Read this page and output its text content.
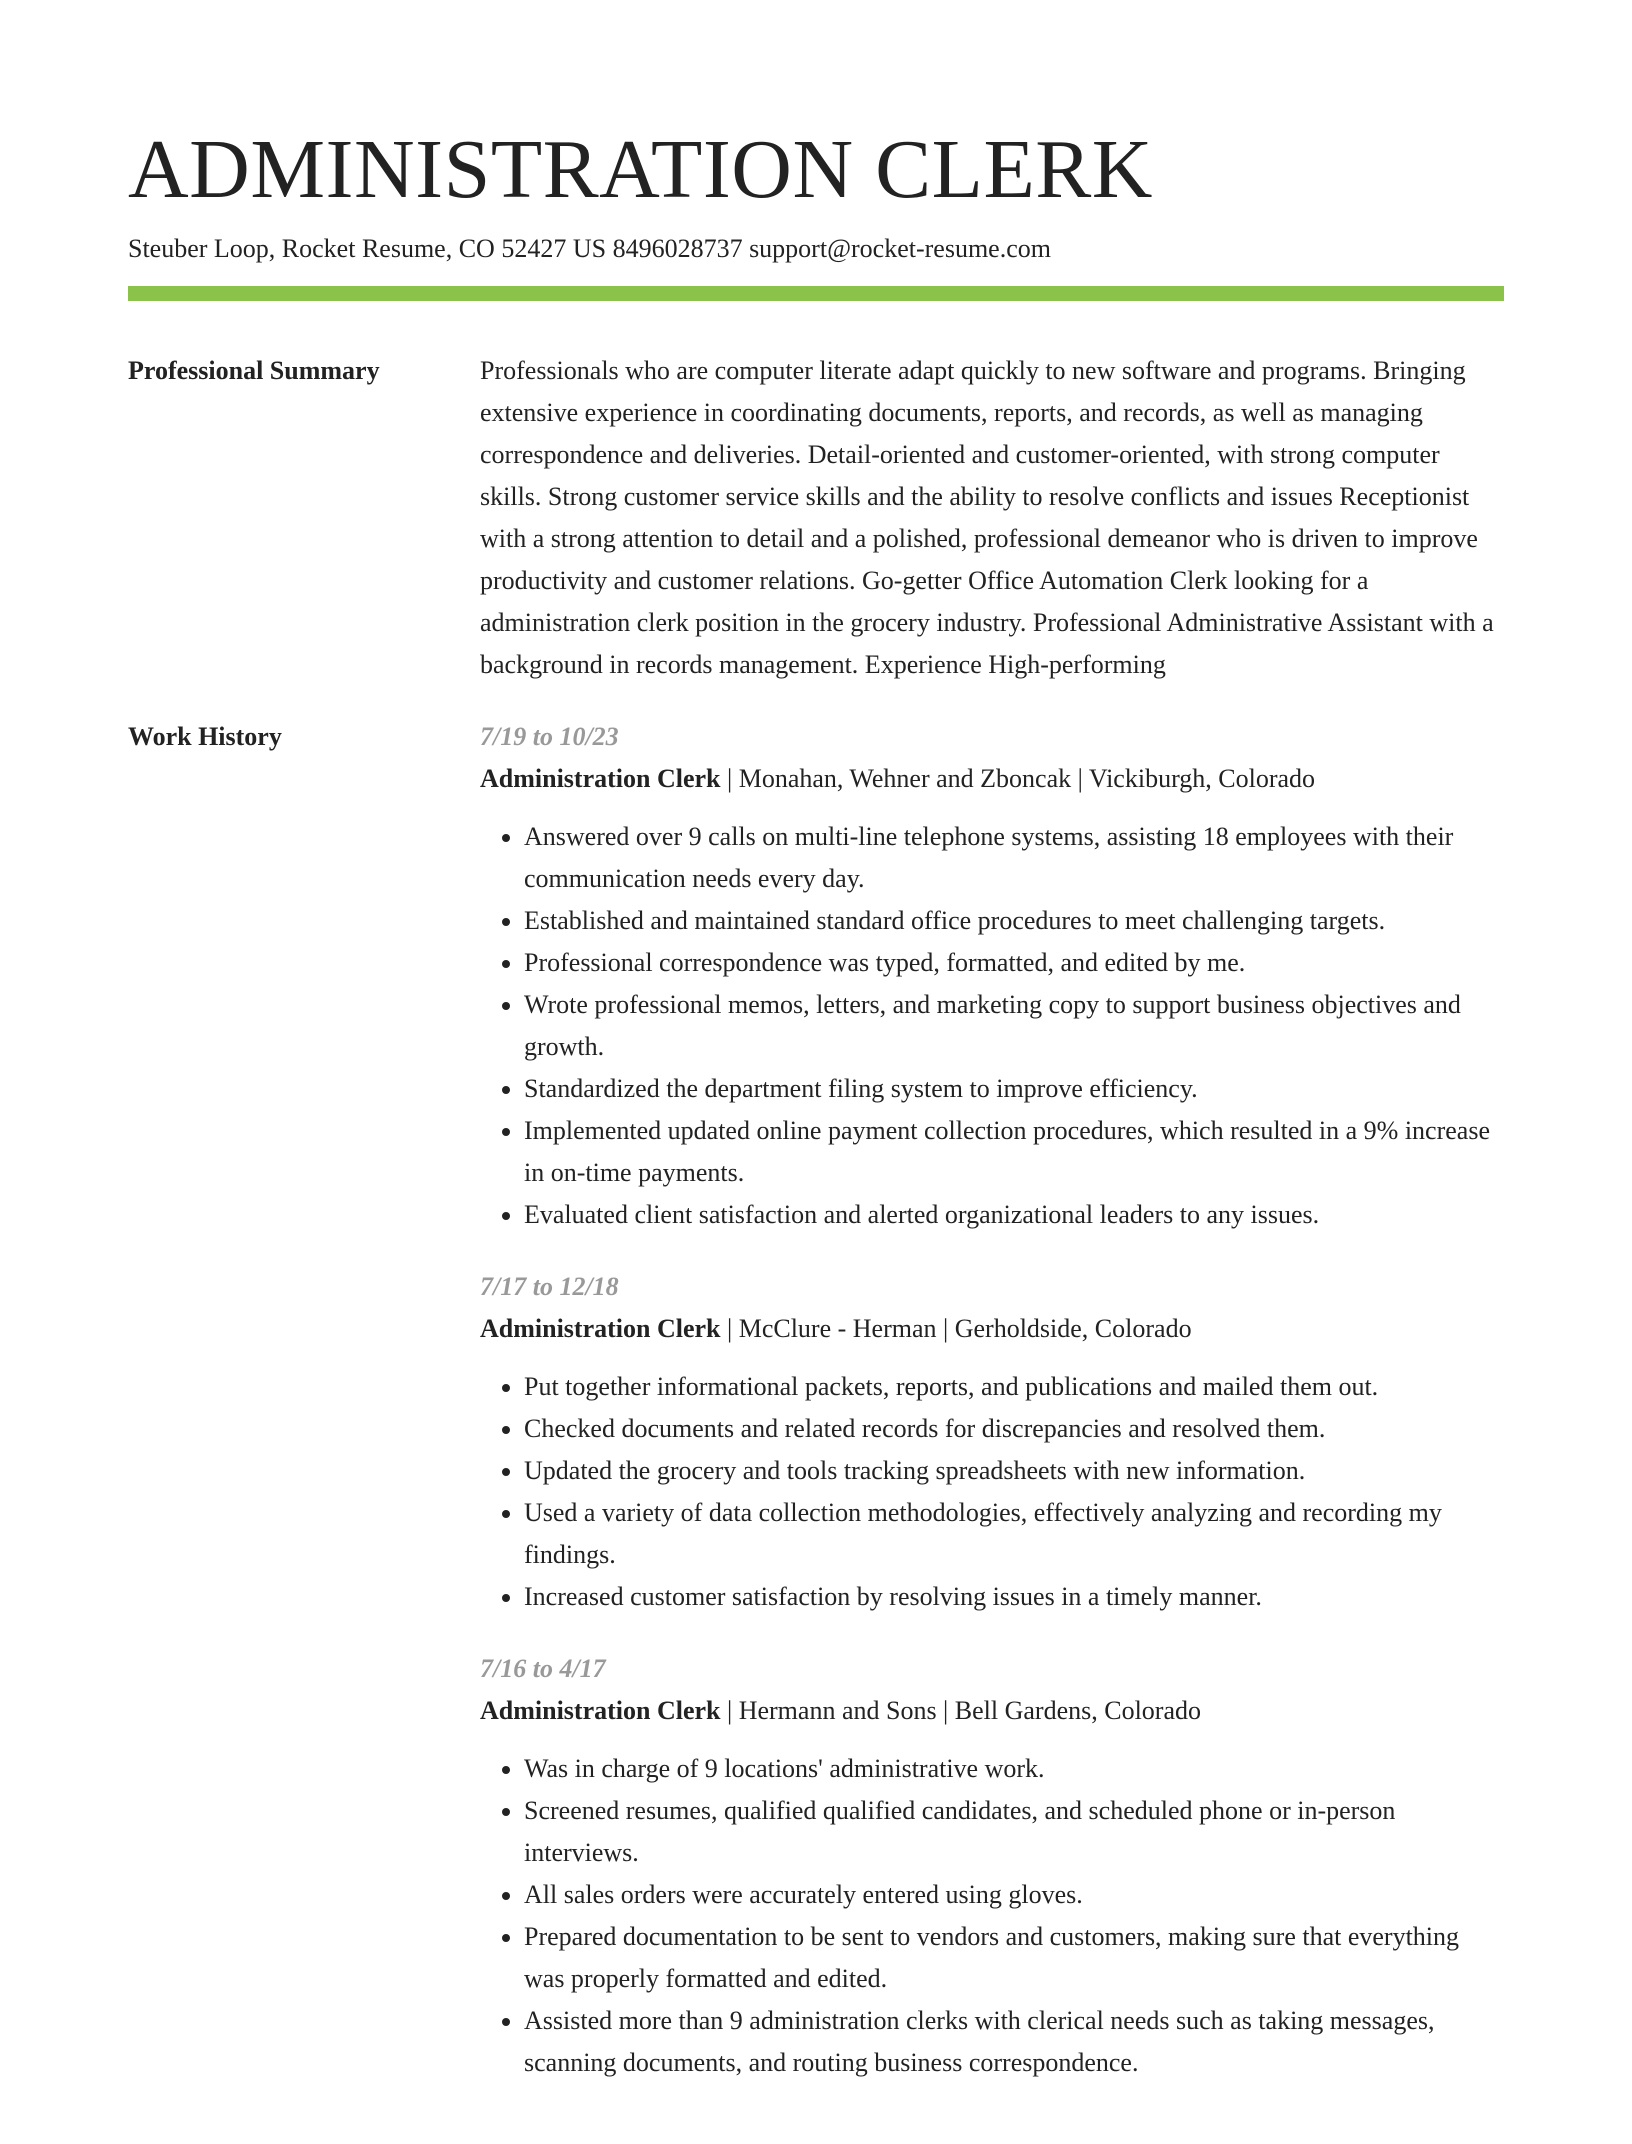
ADMINISTRATION CLERK
Steuber Loop, Rocket Resume, CO 52427 US 8496028737 support@rocket-resume.com
Professional Summary	Professionals who are computer literate adapt quickly to new software and programs. Bringing extensive experience in coordinating documents, reports, and records, as well as managing correspondence and deliveries. Detail-oriented and customer-oriented, with strong computer skills. Strong customer service skills and the ability to resolve conflicts and issues Receptionist with a strong attention to detail and a polished, professional demeanor who is driven to improve productivity and customer relations. Go-getter Office Automation Clerk looking for a administration clerk position in the grocery industry. Professional Administrative Assistant with a background in records management. Experience High-performing

Work History	7/19 to 10/23
Administration Clerk | Monahan, Wehner and Zboncak | Vickiburgh, Colorado
• Answered over 9 calls on multi-line telephone systems, assisting 18 employees with their communication needs every day.
• Established and maintained standard office procedures to meet challenging targets.
• Professional correspondence was typed, formatted, and edited by me.
• Wrote professional memos, letters, and marketing copy to support business objectives and growth.
• Standardized the department filing system to improve efficiency.
• Implemented updated online payment collection procedures, which resulted in a 9% increase in on-time payments.
• Evaluated client satisfaction and alerted organizational leaders to any issues.
7/17 to 12/18
Administration Clerk | McClure - Herman | Gerholdside, Colorado
• Put together informational packets, reports, and publications and mailed them out.
• Checked documents and related records for discrepancies and resolved them.
• Updated the grocery and tools tracking spreadsheets with new information.
• Used a variety of data collection methodologies, effectively analyzing and recording my findings.
• Increased customer satisfaction by resolving issues in a timely manner.
7/16 to 4/17
Administration Clerk | Hermann and Sons | Bell Gardens, Colorado
• Was in charge of 9 locations' administrative work.
• Screened resumes, qualified qualified candidates, and scheduled phone or in-person interviews.
• All sales orders were accurately entered using gloves.
• Prepared documentation to be sent to vendors and customers, making sure that everything was properly formatted and edited.
• Assisted more than 9 administration clerks with clerical needs such as taking messages, scanning documents, and routing business correspondence.
